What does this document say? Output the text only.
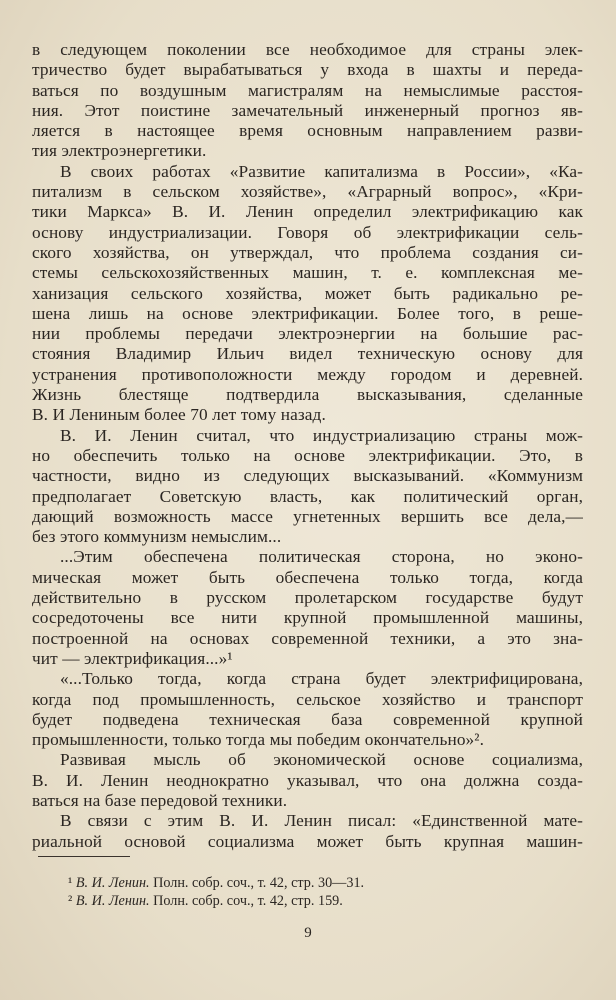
в следующем поколении все необходимое для страны элек-
тричество будет вырабатываться у входа в шахты и переда-
ваться по воздушным магистралям на немыслимые расстоя-
ния. Этот поистине замечательный инженерный прогноз яв-
ляется в настоящее время основным направлением разви-
тия электроэнергетики.
В своих работах «Развитие капитализма в России», «Ка-
питализм в сельском хозяйстве», «Аграрный вопрос», «Кри-
тики Маркса» В. И. Ленин определил электрификацию как
основу индустриализации. Говоря об электрификации сель-
ского хозяйства, он утверждал, что проблема создания си-
стемы сельскохозяйственных машин, т. е. комплексная ме-
ханизация сельского хозяйства, может быть радикально ре-
шена лишь на основе электрификации. Более того, в реше-
нии проблемы передачи электроэнергии на большие рас-
стояния Владимир Ильич видел техническую основу для
устранения противоположности между городом и деревней.
Жизнь блестяще подтвердила высказывания, сделанные
В. И Лениным более 70 лет тому назад.
В. И. Ленин считал, что индустриализацию страны мож-
но обеспечить только на основе электрификации. Это, в
частности, видно из следующих высказываний. «Коммунизм
предполагает Советскую власть, как политический орган,
дающий возможность массе угнетенных вершить все дела,—
без этого коммунизм немыслим...
...Этим обеспечена политическая сторона, но эконо-
мическая может быть обеспечена только тогда, когда
действительно в русском пролетарском государстве будут
сосредоточены все нити крупной промышленной машины,
построенной на основах современной техники, а это зна-
чит — электрификация...»¹
«...Только тогда, когда страна будет электрифицирована,
когда под промышленность, сельское хозяйство и транспорт
будет подведена техническая база современной крупной
промышленности, только тогда мы победим окончательно»².
Развивая мысль об экономической основе социализма,
В. И. Ленин неоднократно указывал, что она должна созда-
ваться на базе передовой техники.
В связи с этим В. И. Ленин писал: «Единственной мате-
риальной основой социализма может быть крупная машин-
¹ В. И. Ленин. Полн. собр. соч., т. 42, стр. 30—31.
² В. И. Ленин. Полн. собр. соч., т. 42, стр. 159.
9
